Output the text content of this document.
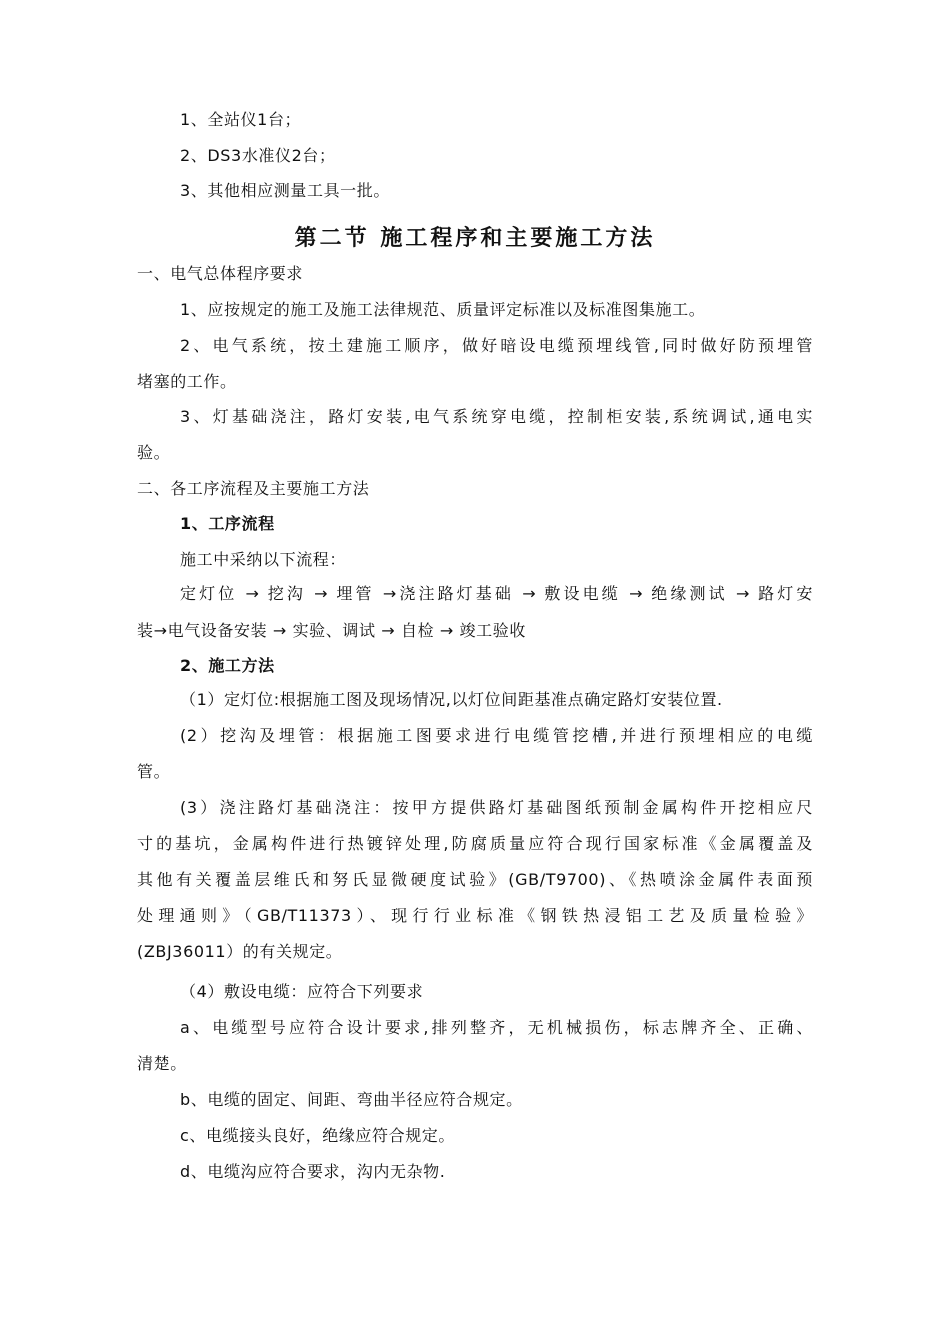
1、全站仪1台；
2、DS3水准仪2台；
3、其他相应测量工具一批。
第二节 施工程序和主要施工方法
一、电气总体程序要求
1、应按规定的施工及施工法律规范、质量评定标准以及标准图集施工。
2、电气系统，按土建施工顺序，做好暗设电缆预埋线管,同时做好防预埋管
堵塞的工作。
3、灯基础浇注，路灯安装,电气系统穿电缆，控制柜安装,系统调试,通电实
验。
二、各工序流程及主要施工方法
1、工序流程
施工中采纳以下流程：
定灯位 → 挖沟 → 埋管 →浇注路灯基础 → 敷设电缆 → 绝缘测试 → 路灯安
装→电气设备安装 → 实验、调试 → 自检 → 竣工验收
2、施工方法
（1）定灯位:根据施工图及现场情况,以灯位间距基准点确定路灯安装位置.
(2）挖沟及埋管：根据施工图要求进行电缆管挖槽,并进行预埋相应的电缆
管。
(3）浇注路灯基础浇注：按甲方提供路灯基础图纸预制金属构件开挖相应尺
寸的基坑，金属构件进行热镀锌处理,防腐质量应符合现行国家标准《金属覆盖及
其他有关覆盖层维氏和努氏显微硬度试验》(GB/T9700)、《热喷涂金属件表面预
处理通则》（GB/T11373）、现行行业标准《钢铁热浸铝工艺及质量检验》
(ZBJ36011）的有关规定。
（4）敷设电缆：应符合下列要求
a、电缆型号应符合设计要求,排列整齐，无机械损伤，标志牌齐全、正确、
清楚。
b、电缆的固定、间距、弯曲半径应符合规定。
c、电缆接头良好，绝缘应符合规定。
d、电缆沟应符合要求，沟内无杂物.
